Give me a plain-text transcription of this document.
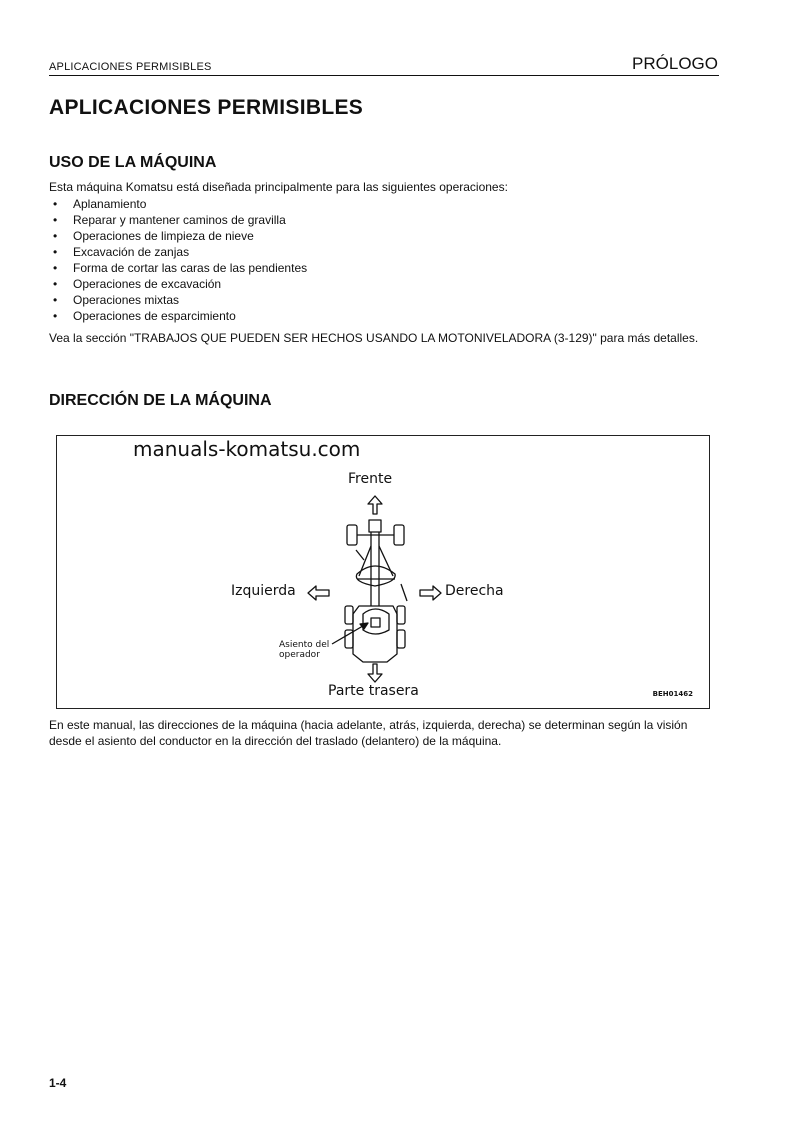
APLICACIONES PERMISIBLES	PRÓLOGO
APLICACIONES PERMISIBLES
USO DE LA MÁQUINA

Esta máquina Komatsu está diseñada principalmente para las siguientes operaciones:

• Aplanamiento
• Reparar y mantener caminos de gravilla
• Operaciones de limpieza de nieve
• Excavación de zanjas
• Forma de cortar las caras de las pendientes
• Operaciones de excavación
• Operaciones mixtas
• Operaciones de esparcimiento

Vea la sección "TRABAJOS QUE PUEDEN SER HECHOS USANDO LA MOTONIVELADORA (3-129)" para más detalles.

DIRECCIÓN DE LA MÁQUINA
manuals-komatsu.com
Frente
Izquierda	Derecha
Parte trasera
Asiento del
operador
BEH01462

En este manual, las direcciones de la máquina (hacia adelante, atrás, izquierda, derecha) se determinan según la visión desde el asiento del conductor en la dirección del traslado (delantero) de la máquina.

1-4
